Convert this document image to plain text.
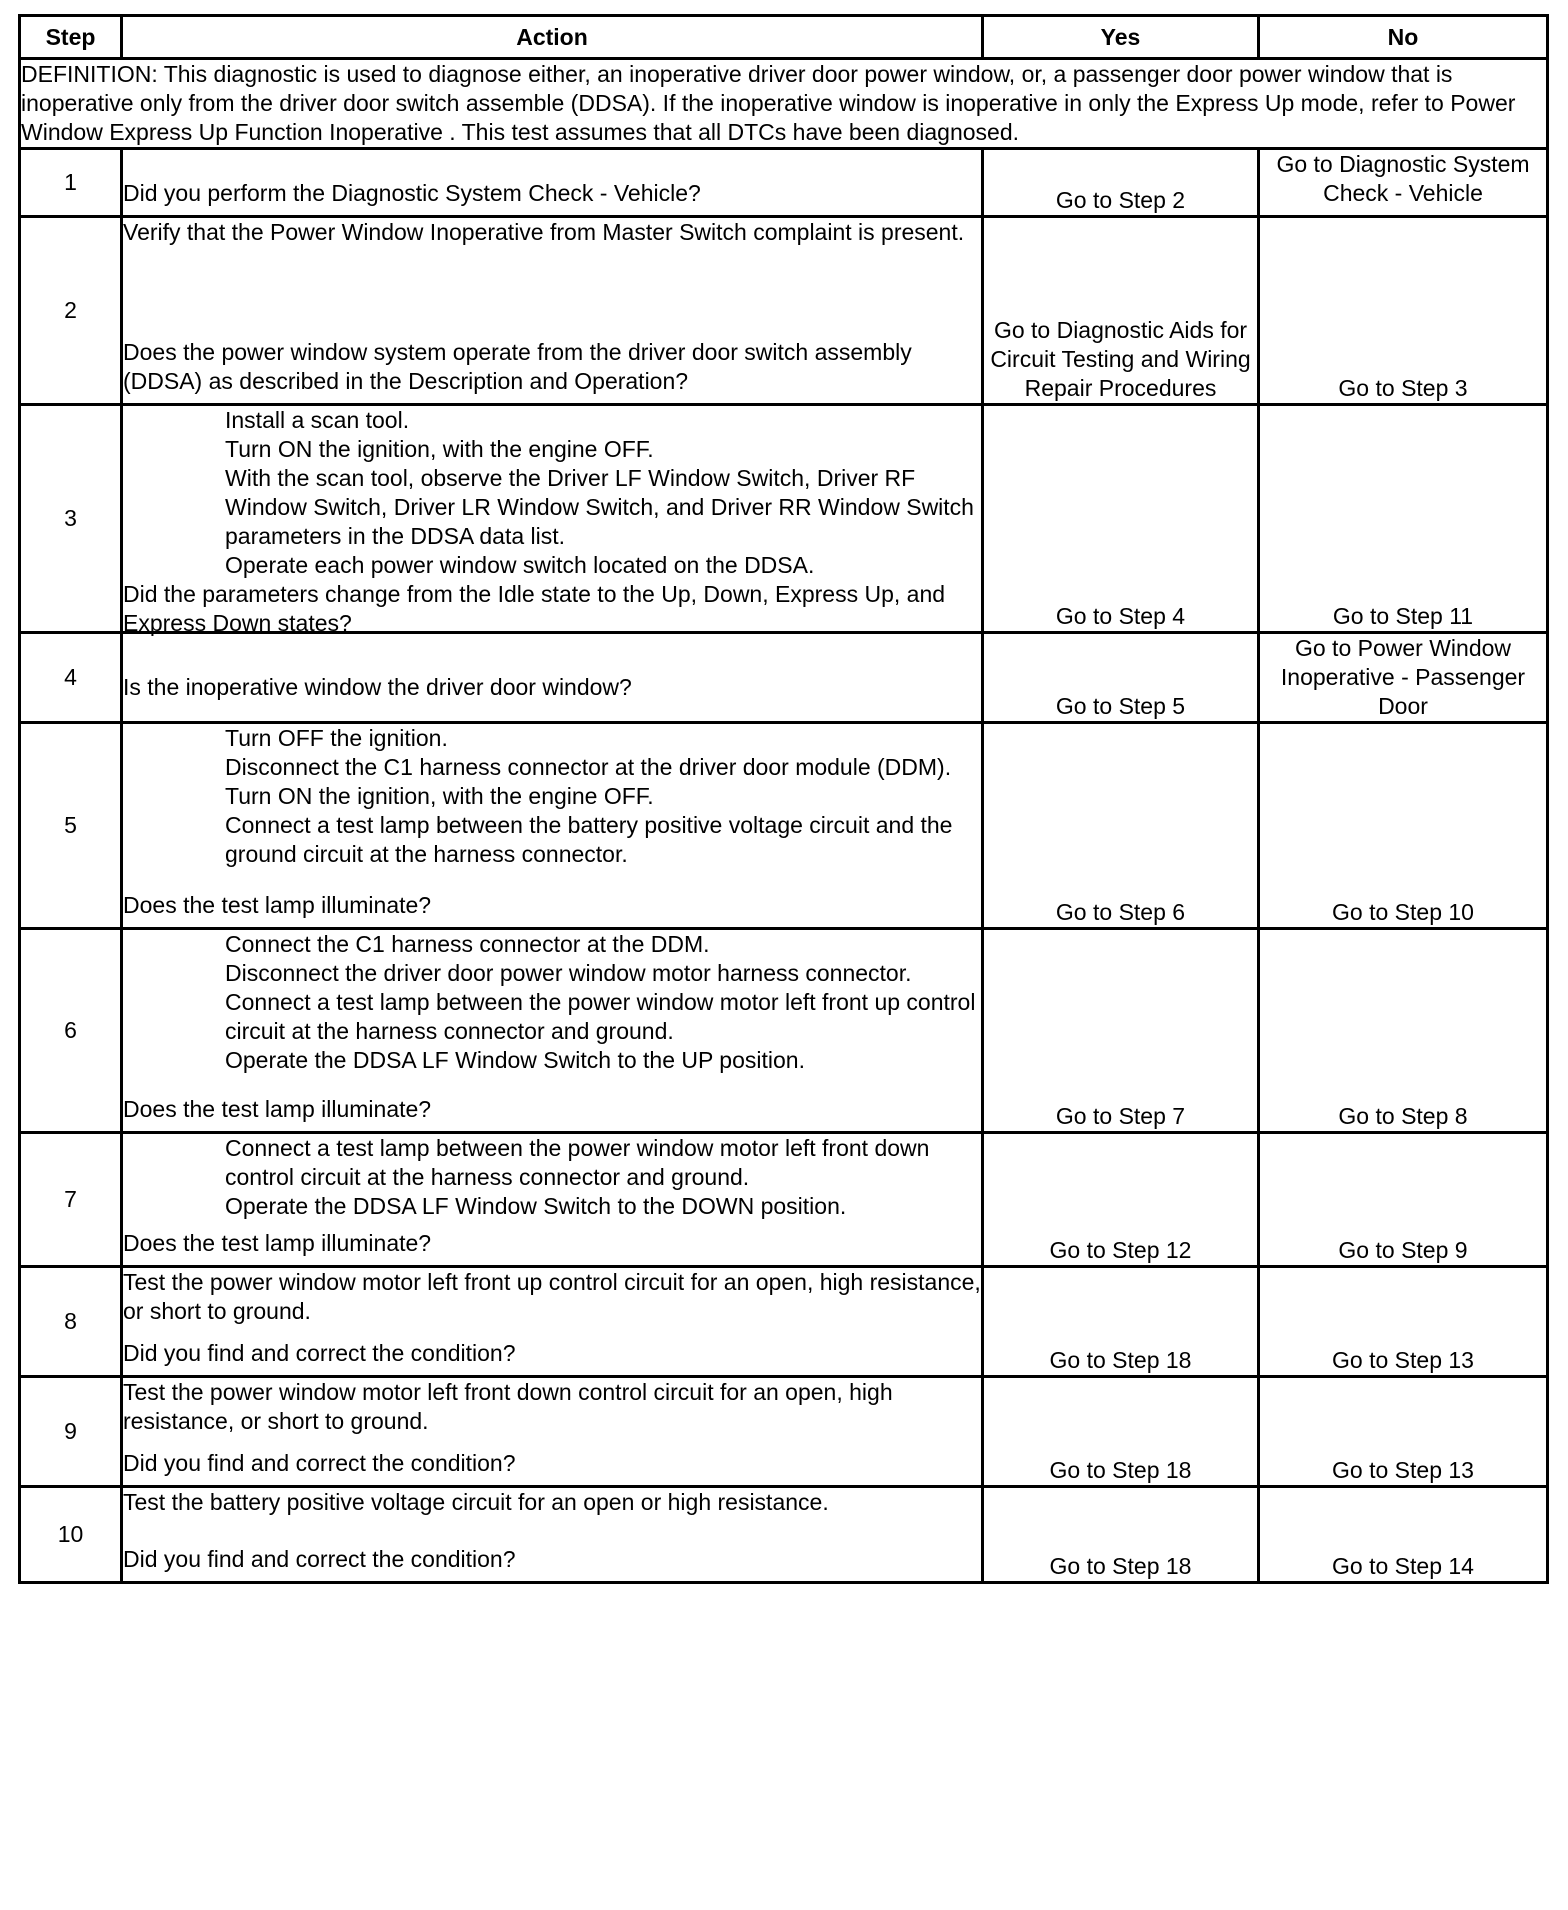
Step	Action	Yes	No
DEFINITION: This diagnostic is used to diagnose either, an inoperative driver door power window, or, a passenger door power window that is inoperative only from the driver door switch assemble (DDSA). If the inoperative window is inoperative in only the Express Up mode, refer to Power Window Express Up Function Inoperative . This test assumes that all DTCs have been diagnosed.			
1	Did you perform the Diagnostic System Check - Vehicle?	Go to Step 2	Go to Diagnostic System Check - Vehicle
2	Verify that the Power Window Inoperative from Master Switch complaint is present.
Does the power window system operate from the driver door switch assembly (DDSA) as described in the Description and Operation?	Go to Diagnostic Aids for Circuit Testing and Wiring Repair Procedures	Go to Step 3
3	Install a scan tool.
Turn ON the ignition, with the engine OFF.
With the scan tool, observe the Driver LF Window Switch, Driver RF Window Switch, Driver LR Window Switch, and Driver RR Window Switch parameters in the DDSA data list.
Operate each power window switch located on the DDSA.
Did the parameters change from the Idle state to the Up, Down, Express Up, and Express Down states?	Go to Step 4	Go to Step 11
4	Is the inoperative window the driver door window?	Go to Step 5	Go to Power Window Inoperative - Passenger Door
5	Turn OFF the ignition.
Disconnect the C1 harness connector at the driver door module (DDM).
Turn ON the ignition, with the engine OFF.
Connect a test lamp between the battery positive voltage circuit and the ground circuit at the harness connector.
Does the test lamp illuminate?	Go to Step 6	Go to Step 10
6	Connect the C1 harness connector at the DDM.
Disconnect the driver door power window motor harness connector.
Connect a test lamp between the power window motor left front up control circuit at the harness connector and ground.
Operate the DDSA LF Window Switch to the UP position.
Does the test lamp illuminate?	Go to Step 7	Go to Step 8
7	Connect a test lamp between the power window motor left front down control circuit at the harness connector and ground.
Operate the DDSA LF Window Switch to the DOWN position.
Does the test lamp illuminate?	Go to Step 12	Go to Step 9
8	Test the power window motor left front up control circuit for an open, high resistance, or short to ground.
Did you find and correct the condition?	Go to Step 18	Go to Step 13
9	Test the power window motor left front down control circuit for an open, high resistance, or short to ground.
Did you find and correct the condition?	Go to Step 18	Go to Step 13
10	Test the battery positive voltage circuit for an open or high resistance.
Did you find and correct the condition?	Go to Step 18	Go to Step 14
